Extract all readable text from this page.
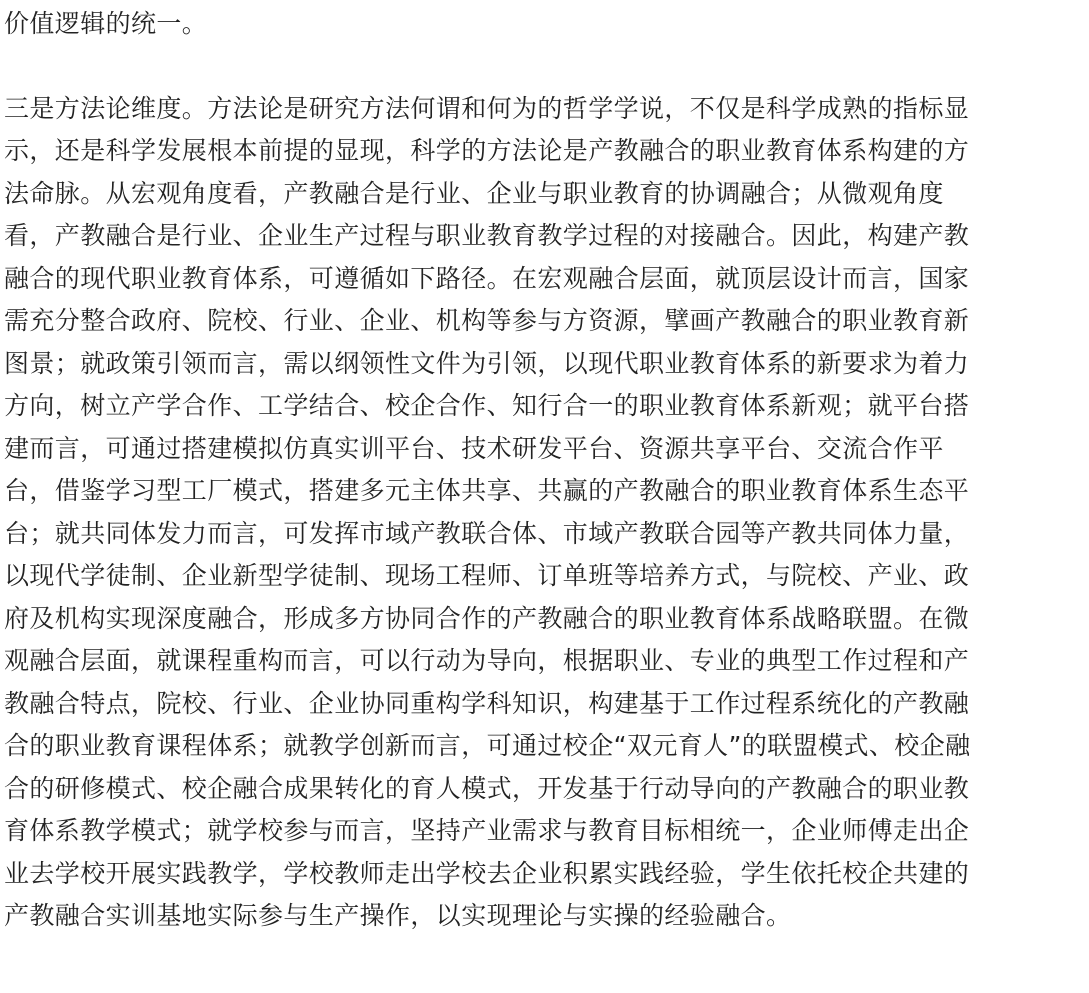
价值逻辑的统一。
三是方法论维度。方法论是研究方法何谓和何为的哲学学说，不仅是科学成熟的指标显
示，还是科学发展根本前提的显现，科学的方法论是产教融合的职业教育体系构建的方
法命脉。从宏观角度看，产教融合是行业、企业与职业教育的协调融合；从微观角度
看，产教融合是行业、企业生产过程与职业教育教学过程的对接融合。因此，构建产教
融合的现代职业教育体系，可遵循如下路径。在宏观融合层面，就顶层设计而言，国家
需充分整合政府、院校、行业、企业、机构等参与方资源，擘画产教融合的职业教育新
图景；就政策引领而言，需以纲领性文件为引领，以现代职业教育体系的新要求为着力
方向，树立产学合作、工学结合、校企合作、知行合一的职业教育体系新观；就平台搭
建而言，可通过搭建模拟仿真实训平台、技术研发平台、资源共享平台、交流合作平
台，借鉴学习型工厂模式，搭建多元主体共享、共赢的产教融合的职业教育体系生态平
台；就共同体发力而言，可发挥市域产教联合体、市域产教联合园等产教共同体力量，
以现代学徒制、企业新型学徒制、现场工程师、订单班等培养方式，与院校、产业、政
府及机构实现深度融合，形成多方协同合作的产教融合的职业教育体系战略联盟。在微
观融合层面，就课程重构而言，可以行动为导向，根据职业、专业的典型工作过程和产
教融合特点，院校、行业、企业协同重构学科知识，构建基于工作过程系统化的产教融
合的职业教育课程体系；就教学创新而言，可通过校企“双元育人”的联盟模式、校企融
合的研修模式、校企融合成果转化的育人模式，开发基于行动导向的产教融合的职业教
育体系教学模式；就学校参与而言，坚持产业需求与教育目标相统一，企业师傅走出企
业去学校开展实践教学，学校教师走出学校去企业积累实践经验，学生依托校企共建的
产教融合实训基地实际参与生产操作，以实现理论与实操的经验融合。
